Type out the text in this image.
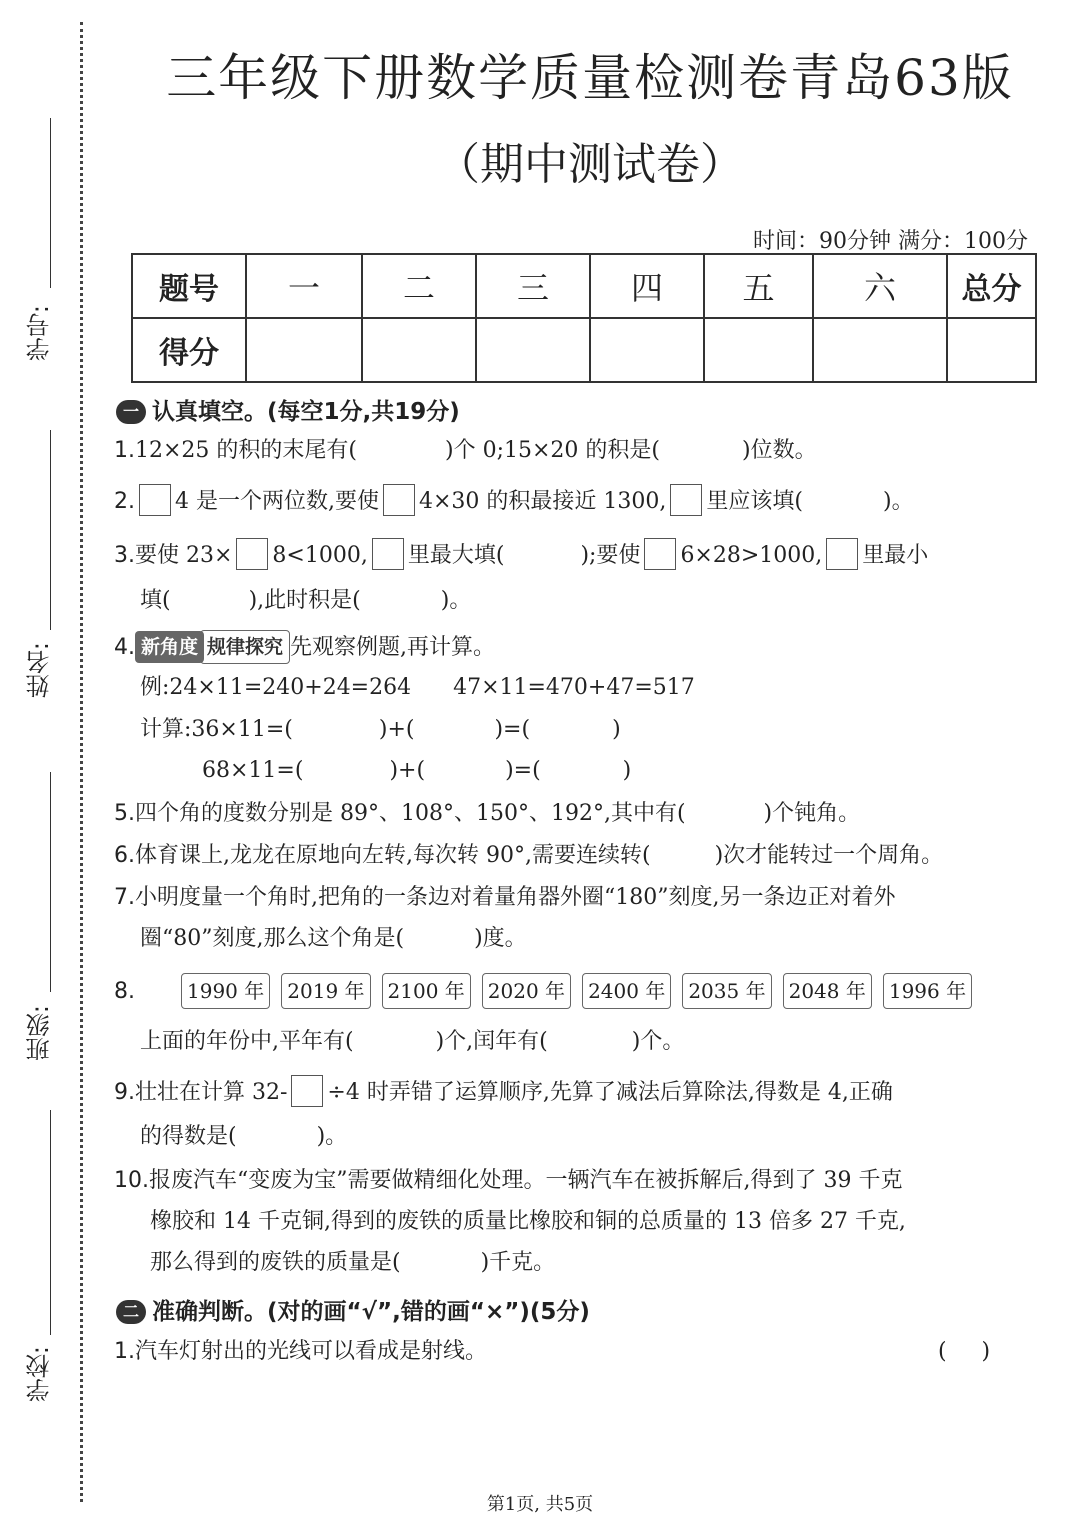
学号:
姓名:
班级:
学校:
三年级下册数学质量检测卷青岛63版
（期中测试卷）
时间：90分钟 满分：100分
题号	一	二	三	四	五	六	总分
得分							
一 认真填空。(每空1分,共19分)
1.12×25 的积的末尾有(	)个 0;15×20 的积是(	)位数。
2. 4 是一个两位数,要使 4×30 的积最接近 1300, 里应该填(	)。
3.要使 23× 8<1000, 里最大填(	);要使 6×28>1000, 里最小
填(	),此时积是(	)。
4. 新角度 规律探究 先观察例题,再计算。
例:24×11=240+24=264      47×11=470+47=517
计算:36×11=(	)+(	)=(	)
68×11=(	)+(	)=(	)
5.四个角的度数分别是 89°、108°、150°、192°,其中有(	)个钝角。
6.体育课上,龙龙在原地向左转,每次转 90°,需要连续转(	)次才能转过一个周角。
7.小明度量一个角时,把角的一条边对着量角器外圈“180”刻度,另一条边正对着外
圈“80”刻度,那么这个角是(	)度。
8.	1990 年 2019 年 2100 年 2020 年 2400 年 2035 年 2048 年 1996 年
上面的年份中,平年有(	)个,闰年有(	)个。
9.壮壮在计算 32- ÷4 时弄错了运算顺序,先算了减法后算除法,得数是 4,正确
的得数是(	)。
10.报废汽车“变废为宝”需要做精细化处理。一辆汽车在被拆解后,得到了 39 千克
橡胶和 14 千克铜,得到的废铁的质量比橡胶和铜的总质量的 13 倍多 27 千克,
那么得到的废铁的质量是(	)千克。
二 准确判断。(对的画“√”,错的画“×”)(5分)
1.汽车灯射出的光线可以看成是射线。	(     )
第1页, 共5页
